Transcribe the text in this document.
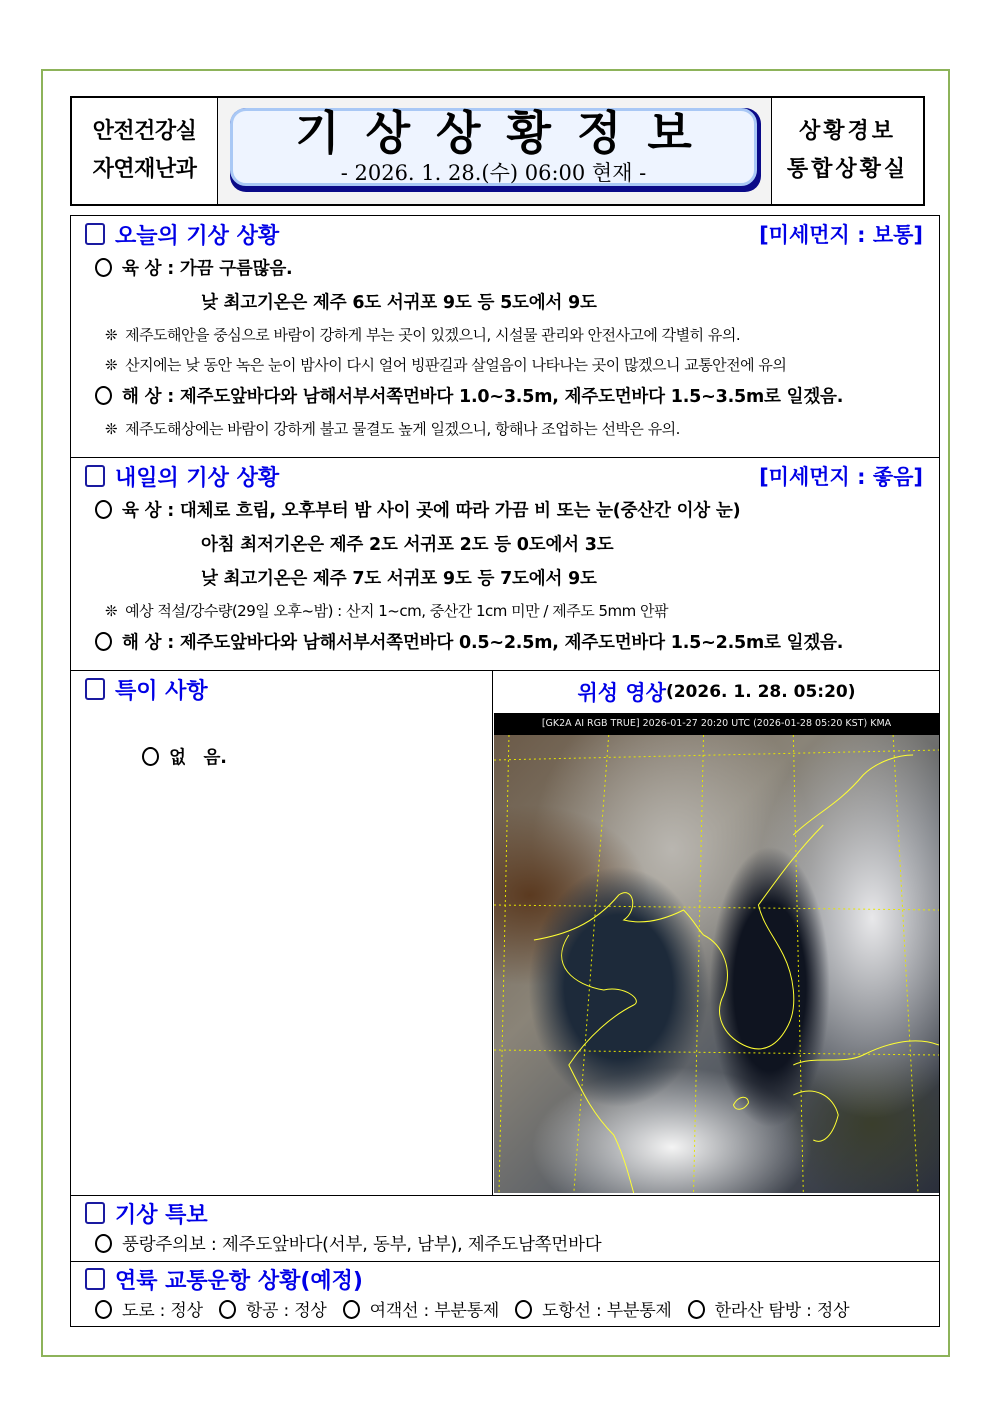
안전건강실
자연재난과
기상상황정보
- 2026. 1. 28.(수) 06:00 현재 -
상황경보
통합상황실
오늘의 기상 상황	[미세먼지 : 보통]
육 상 : 가끔 구름많음.
낮 최고기온은 제주 6도 서귀포 9도 등 5도에서 9도
❊ 제주도해안을 중심으로 바람이 강하게 부는 곳이 있겠으니, 시설물 관리와 안전사고에 각별히 유의.
❊ 산지에는 낮 동안 녹은 눈이 밤사이 다시 얼어 빙판길과 살얼음이 나타나는 곳이 많겠으니 교통안전에 유의
해 상 : 제주도앞바다와 남해서부서쪽먼바다 1.0~3.5m, 제주도먼바다 1.5~3.5m로 일겠음.
❊ 제주도해상에는 바람이 강하게 불고 물결도 높게 일겠으니, 항해나 조업하는 선박은 유의.
내일의 기상 상황	[미세먼지 : 좋음]
육 상 : 대체로 흐림, 오후부터 밤 사이 곳에 따라 가끔 비 또는 눈(중산간 이상 눈)
아침 최저기온은 제주 2도 서귀포 2도 등 0도에서 3도
낮 최고기온은 제주 7도 서귀포 9도 등 7도에서 9도
❊ 예상 적설/강수량(29일 오후~밤) : 산지 1~cm, 중산간 1cm 미만 / 제주도 5mm 안팎
해 상 : 제주도앞바다와 남해서부서쪽먼바다 0.5~2.5m, 제주도먼바다 1.5~2.5m로 일겠음.
특이 사항

없   음.

위성 영상 (2026. 1. 28. 05:20)
[GK2A AI RGB TRUE] 2026-01-27 20:20 UTC (2026-01-28 05:20 KST) KMA
기상 특보
풍랑주의보 : 제주도앞바다(서부, 동부, 남부), 제주도남쪽먼바다
연륙 교통운항 상황(예정)
도로 : 정상	항공 : 정상	여객선 : 부분통제	도항선 : 부분통제	한라산 탐방 : 정상
